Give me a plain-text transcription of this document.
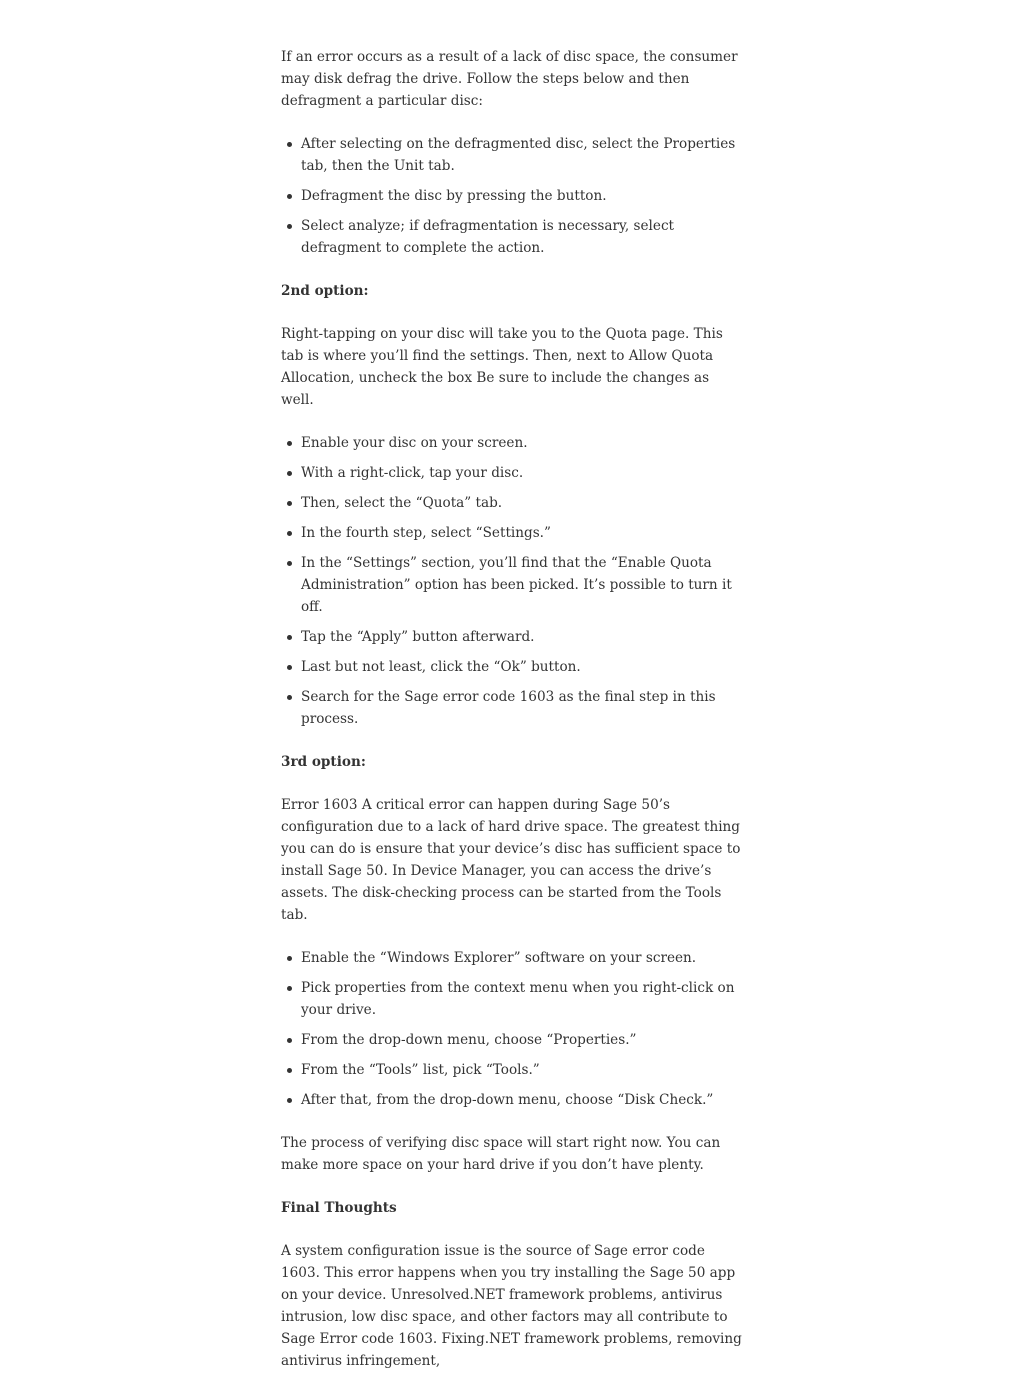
If an error occurs as a result of a lack of disc space, the consumer may disk defrag the drive. Follow the steps below and then defragment a particular disc:

After selecting on the defragmented disc, select the Properties tab, then the Unit tab.
Defragment the disc by pressing the button.
Select analyze; if defragmentation is necessary, select defragment to complete the action.
2nd option:

Right-tapping on your disc will take you to the Quota page. This tab is where you’ll find the settings. Then, next to Allow Quota Allocation, uncheck the box Be sure to include the changes as well.

Enable your disc on your screen.
With a right-click, tap your disc.
Then, select the “Quota” tab.
In the fourth step, select “Settings.”
In the “Settings” section, you’ll find that the “Enable Quota Administration” option has been picked. It’s possible to turn it off.
Tap the “Apply” button afterward.
Last but not least, click the “Ok” button.
Search for the Sage error code 1603 as the final step in this process.
3rd option:

Error 1603 A critical error can happen during Sage 50’s configuration due to a lack of hard drive space. The greatest thing you can do is ensure that your device’s disc has sufficient space to install Sage 50. In Device Manager, you can access the drive’s assets. The disk-checking process can be started from the Tools tab.

Enable the “Windows Explorer” software on your screen.
Pick properties from the context menu when you right-click on your drive.
From the drop-down menu, choose “Properties.”
From the “Tools” list, pick “Tools.”
After that, from the drop-down menu, choose “Disk Check.”

The process of verifying disc space will start right now. You can make more space on your hard drive if you don’t have plenty.

Final Thoughts

A system configuration issue is the source of Sage error code 1603. This error happens when you try installing the Sage 50 app on your device. Unresolved.NET framework problems, antivirus intrusion, low disc space, and other factors may all contribute to Sage Error code 1603. Fixing.NET framework problems, removing antivirus infringement,
